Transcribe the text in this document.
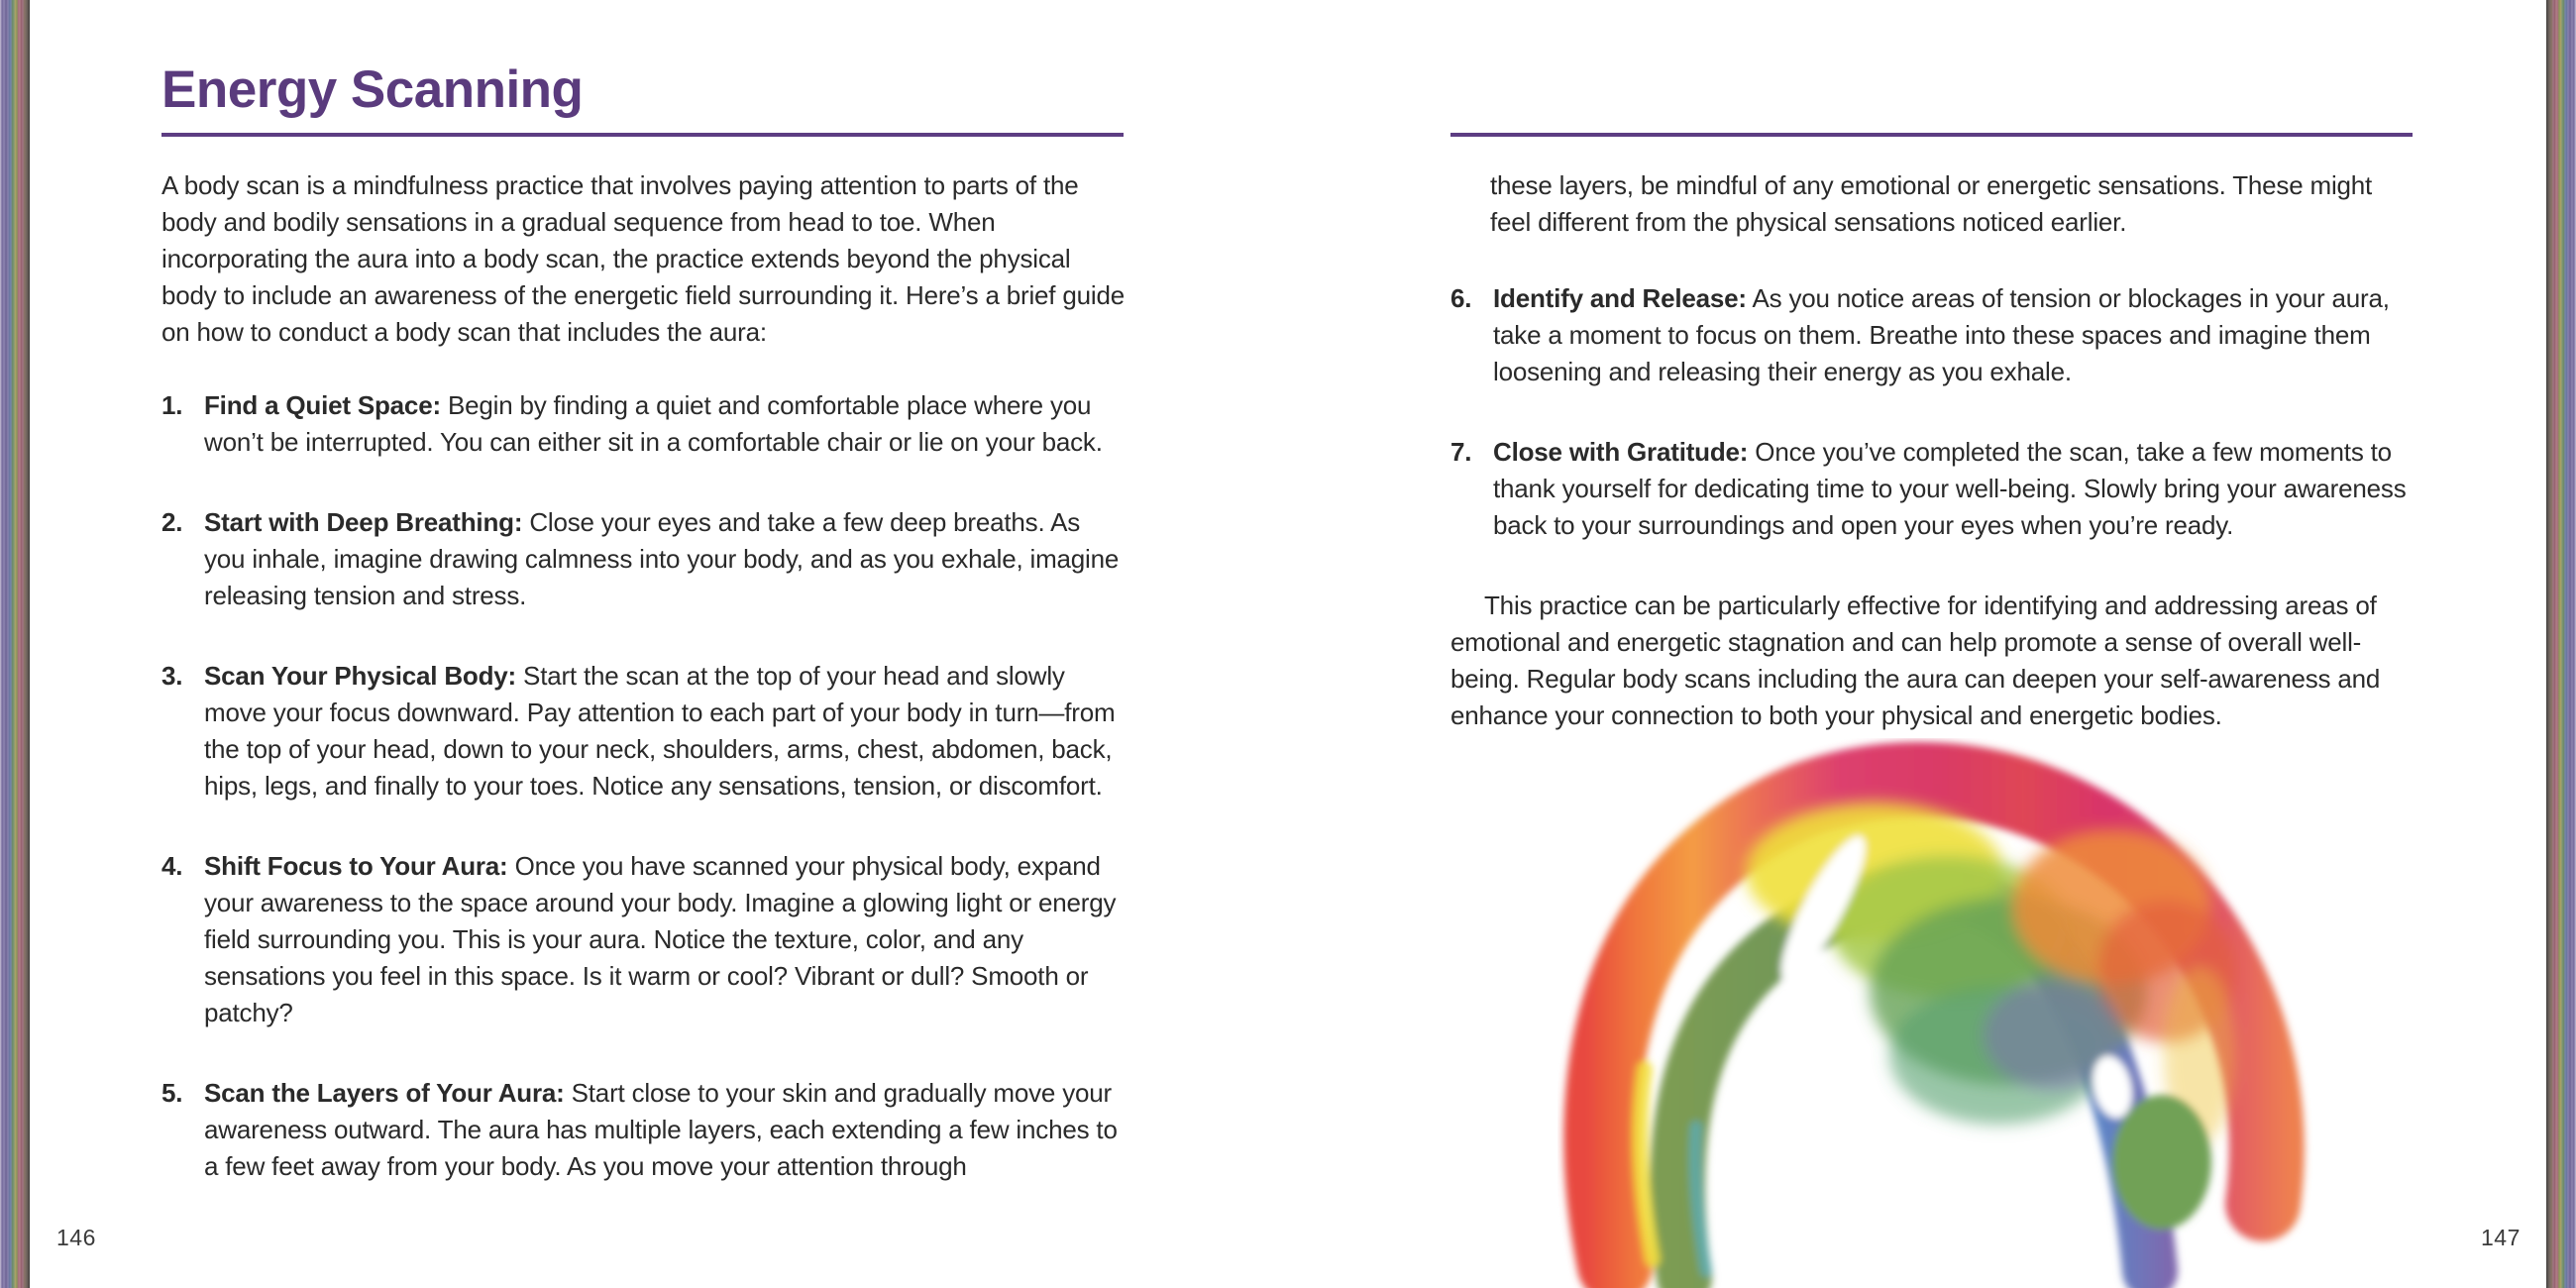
Energy Scanning

A body scan is a mindfulness practice that involves paying attention to parts of the body and bodily sensations in a gradual sequence from head to toe. When incorporating the aura into a body scan, the practice extends beyond the physical body to include an awareness of the energetic field surrounding it. Here’s a brief guide on how to conduct a body scan that includes the aura:

1. Find a Quiet Space: Begin by finding a quiet and comfortable place where you won’t be interrupted. You can either sit in a comfortable chair or lie on your back.
2. Start with Deep Breathing: Close your eyes and take a few deep breaths. As you inhale, imagine drawing calmness into your body, and as you exhale, imagine releasing tension and stress.
3. Scan Your Physical Body: Start the scan at the top of your head and slowly move your focus downward. Pay attention to each part of your body in turn—from the top of your head, down to your neck, shoulders, arms, chest, abdomen, back, hips, legs, and finally to your toes. Notice any sensations, tension, or discomfort.
4. Shift Focus to Your Aura: Once you have scanned your physical body, expand your awareness to the space around your body. Imagine a glowing light or energy field surrounding you. This is your aura. Notice the texture, color, and any sensations you feel in this space. Is it warm or cool? Vibrant or dull? Smooth or patchy?
5. Scan the Layers of Your Aura: Start close to your skin and gradually move your awareness outward. The aura has multiple layers, each extending a few inches to a few feet away from your body. As you move your attention through

these layers, be mindful of any emotional or energetic sensations. These might feel different from the physical sensations noticed earlier.

6. Identify and Release: As you notice areas of tension or blockages in your aura, take a moment to focus on them. Breathe into these spaces and imagine them loosening and releasing their energy as you exhale.
7. Close with Gratitude: Once you’ve completed the scan, take a few moments to thank yourself for dedicating time to your well-being. Slowly bring your awareness back to your surroundings and open your eyes when you’re ready.

This practice can be particularly effective for identifying and addressing areas of emotional and energetic stagnation and can help promote a sense of overall well-being. Regular body scans including the aura can deepen your self-awareness and enhance your connection to both your physical and energetic bodies.

146	147
